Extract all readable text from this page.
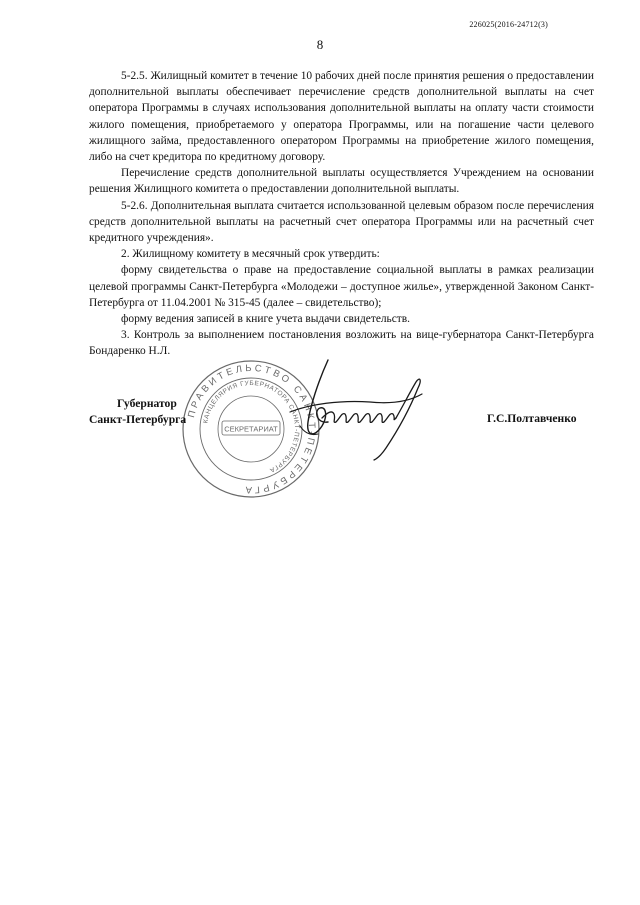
226025(2016-24712(3)
8

5-2.5. Жилищный комитет в течение 10 рабочих дней после принятия решения о предоставлении дополнительной выплаты обеспечивает перечисление средств дополнительной выплаты на счет оператора Программы в случаях использования дополнительной выплаты на оплату части стоимости жилого помещения, приобретаемого у оператора Программы, или на погашение части целевого жилищного займа, предоставленного оператором Программы на приобретение жилого помещения, либо на счет кредитора по кредитному договору.

Перечисление средств дополнительной выплаты осуществляется Учреждением на основании решения Жилищного комитета о предоставлении дополнительной выплаты.

5-2.6. Дополнительная выплата считается использованной целевым образом после перечисления средств дополнительной выплаты на расчетный счет оператора Программы или на расчетный счет кредитного учреждения».

2. Жилищному комитету в месячный срок утвердить:

форму свидетельства о праве на предоставление социальной выплаты в рамках реализации целевой программы Санкт-Петербурга «Молодежи – доступное жилье», утвержденной Законом Санкт-Петербурга от 11.04.2001 № 315-45 (далее – свидетельство);

форму ведения записей в книге учета выдачи свидетельств.

3. Контроль за выполнением постановления возложить на вице-губернатора Санкт-Петербурга Бондаренко Н.Л.

ПРАВИТЕЛЬСТВО САНКТ-ПЕТЕРБУРГА
КАНЦЕЛЯРИЯ ГУБЕРНАТОРА САНКТ-ПЕТЕРБУРГА
СЕКРЕТАРИАТ
Губернатор
Санкт-Петербурга	Г.С.Полтавченко
